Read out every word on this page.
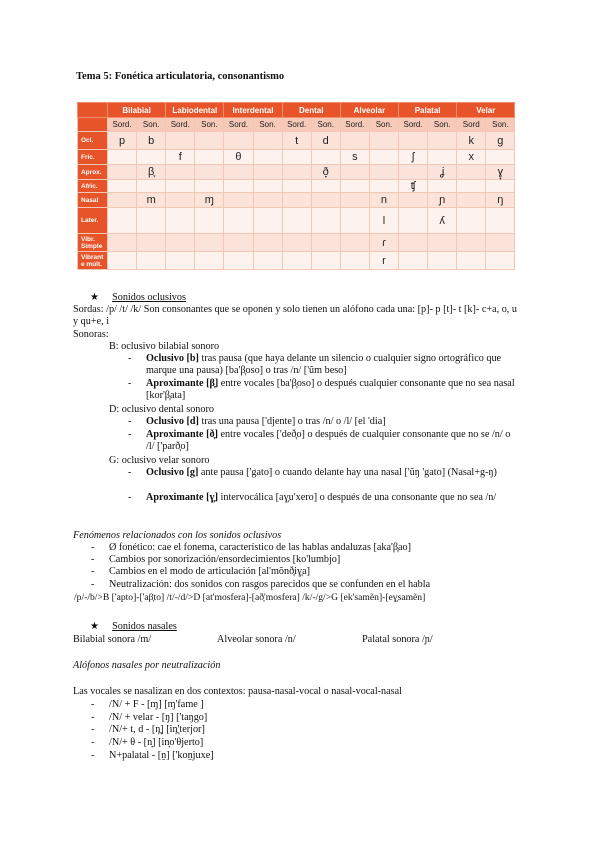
Tema 5: Fonética articulatoria, consonantismo
	Bilabial		Labiodental		Interdental		Dental		Alveolar		Palatal		Velar	
	Sord.	Son.	Sord.	Son.	Sord.	Son.	Sord.	Son.	Sord.	Son.	Sord.	Son.	Sord	Son.
Ocl.	p	b					t	d					k	g
Fric.			f		θ				s		ʃ		x	
Aprox.		β̞						ð̞				ʝ		ɣ̞
Afric.											ʧ			
Nasal		m		ɱ						n		ɲ		ŋ
Later.										l		ʎ		
Vibr. Simple										ɾ				
Vibrant e múlt.										r				
★ Sonidos oclusivos
Sordas: /p/ /t/ /k/ Son consonantes que se oponen y solo tienen un alófono cada una: [p]- p [t]- t [k]- c+a, o, u y qu+e, i
Sonoras:
B: oclusivo bilabial sonoro
- Oclusivo [b] tras pausa (que haya delante un silencio o cualquier signo ortográfico que marque una pausa) [ba'β̞oso] o tras /n/ ['ũm beso]
- Aproximante [β̞] entre vocales [ba'β̞oso] o después cualquier consonante que no sea nasal [kor'β̞ata]
D: oclusivo dental sonoro
- Oclusivo [d] tras una pausa ['djente] o tras /n/ o /l/ [el 'dia]
- Aproximante [ð̞] entre vocales ['deð̞o] o después de cualquier consonante que no se /n/ o /l/ ['parð̞o]
G: oclusivo velar sonoro
- Oclusivo [g] ante pausa ['gato] o cuando delante hay una nasal ['ũŋ 'gato] (Nasal+g-ŋ)
- Aproximante [ɣ̞] intervocálica [aɣ̞u'xero] o después de una consonante que no sea /n/
Fenómenos relacionados con los sonidos oclusivos
- Ø fonético: cae el fonema, característico de las hablas andaluzas [aka'β̞ao]
- Cambios por sonorización/ensordecimientos [ko'lumbjo]
- Cambios en el modo de articulación [al'mõnð̞iɣ̞a]
- Neutralización: dos sonidos con rasgos parecidos que se confunden en el habla
/p/-/b/>B ['apto]-['aβ̞to] /t/-/d/>D [at'mosfera]-[að̞'mosfera] /k/-/g/>G [ek'samẽn]-[eɣ̞samẽn]
★ Sonidos nasales
Bilabial sonora /m/	Alveolar sonora /n/	Palatal sonora /ɲ/
Alófonos nasales por neutralización
Las vocales se nasalizan en dos contextos: pausa-nasal-vocal o nasal-vocal-nasal
- /N/ + F - [ɱ] [ɱ'fame ]
- /N/ + velar - [ŋ] ['taŋgo]
- /N/+ t, d - [n̪] [in̪'terjor]
- /N/+ θ - [n̟] [in̟o'θjerto]
- N+palatal - [n̠] ['kon̠juxe]
